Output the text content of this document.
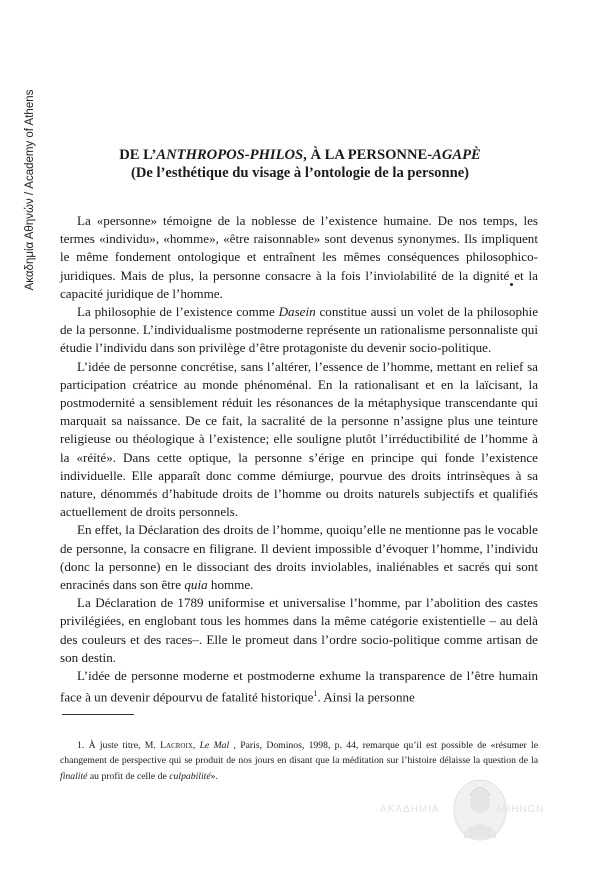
Ακαδημία Αθηνών / Academy of Athens	DE L’ANTHROPOS-PHILOS, À LA PERSONNE-AGAPÈ
(De l’esthétique du visage à l’ontologie de la personne)

La «personne» témoigne de la noblesse de l’existence humaine. De nos temps, les termes «individu», «homme», «être raisonnable» sont devenus synonymes. Ils impliquent le même fondement ontologique et entraînent les mêmes conséquences philosophico-juridiques. Mais de plus, la personne consacre à la fois l’inviolabilité de la dignité et la capacité juridique de l’homme.

La philosophie de l’existence comme Dasein constitue aussi un volet de la philosophie de la personne. L’individualisme postmoderne représente un rationalisme personnaliste qui étudie l’individu dans son privilège d’être protagoniste du devenir socio-politique.

L’idée de personne concrétise, sans l’altérer, l’essence de l’homme, mettant en relief sa participation créatrice au monde phénoménal. En la rationalisant et en la laïcisant, la postmodernité a sensiblement réduit les résonances de la métaphysique transcendante qui marquait sa naissance. De ce fait, la sacralité de la personne n’assigne plus une teinture religieuse ou théologique à l’existence; elle souligne plutôt l’irréductibilité de l’homme à la «réité». Dans cette optique, la personne s’érige en principe qui fonde l’existence individuelle. Elle apparaît donc comme démiurge, pourvue des droits intrinsèques à sa nature, dénommés d’habitude droits de l’homme ou droits naturels subjectifs et qualifiés actuellement de droits personnels.

En effet, la Déclaration des droits de l’homme, quoiqu’elle ne mentionne pas le vocable de personne, la consacre en filigrane. Il devient impossible d’évoquer l’homme, l’individu (donc la personne) en le dissociant des droits inviolables, inaliénables et sacrés qui sont enracinés dans son être quia homme.

La Déclaration de 1789 uniformise et universalise l’homme, par l’abolition des castes privilégiées, en englobant tous les hommes dans la même catégorie existentielle – au delà des couleurs et des races–. Elle le promeut dans l’ordre socio-politique comme artisan de son destin.

L’idée de personne moderne et postmoderne exhume la transparence de l’être humain face à un devenir dépourvu de fatalité historique$^1$. Ainsi la personne

1. À juste titre, M. Lacroix, Le Mal , Paris, Dominos, 1998, p. 44, remarque qu’il est possible de «résumer le changement de perspective qui se produit de nos jours en disant que la méditation sur l’histoire délaisse la question de la finalité au profit de celle de culpabilité».

ΑΚΑΔΗΜΙΑ	ΑΘΗΝΩΝ
